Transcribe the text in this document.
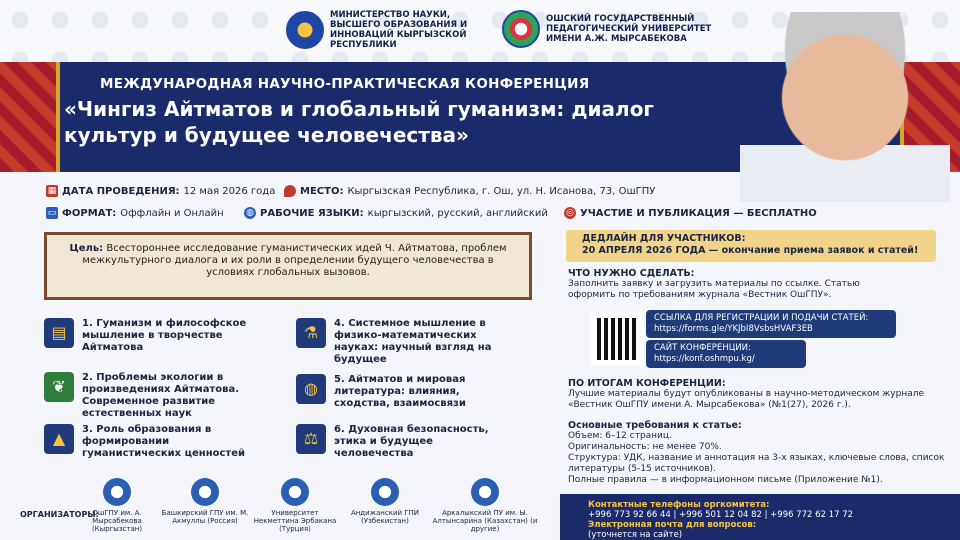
МИНИСТЕРСТВО НАУКИ, ВЫСШЕГО ОБРАЗОВАНИЯ И ИННОВАЦИЙ КЫРГЫЗСКОЙ РЕСПУБЛИКИ
ОШСКИЙ ГОСУДАРСТВЕННЫЙ ПЕДАГОГИЧЕСКИЙ УНИВЕРСИТЕТ ИМЕНИ А.Ж. МЫРСАБЕКОВА
МЕЖДУНАРОДНАЯ НАУЧНО-ПРАКТИЧЕСКАЯ КОНФЕРЕНЦИЯ
«Чингиз Айтматов и глобальный гуманизм: диалог культур и будущее человечества»
▦ ДАТА ПРОВЕДЕНИЯ: 12 мая 2026 года МЕСТО: Кыргызская Республика, г. Ош, ул. Н. Исанова, 73, ОшГПУ
▭ ФОРМАТ: Оффлайн и Онлайн ◍ РАБОЧИЕ ЯЗЫКИ: кыргызский, русский, английский ◎ УЧАСТИЕ И ПУБЛИКАЦИЯ — БЕСПЛАТНО
Цель: Всестороннее исследование гуманистических идей Ч. Айтматова, проблем межкультурного диалога и их роли в определении будущего человечества в условиях глобальных вызовов.
▤	1. Гуманизм и философское мышление в творчестве Айтматова
❦	2. Проблемы экологии в произведениях Айтматова. Современное развитие естественных наук
▲	3. Роль образования в формировании гуманистических ценностей
⚗	4. Системное мышление в физико-математических науках: научный взгляд на будущее
◍	5. Айтматов и мировая литература: влияния, сходства, взаимосвязи
⚖	6. Духовная безопасность, этика и будущее человечества
ОРГАНИЗАТОРЫ:
ОшГПУ им. А. Мырсабекова (Кыргызстан)
Башкирский ГПУ им. М. Акмуллы (Россия)
Университет Некметтина Эрбакана (Турция)
Андижанский ГПИ (Узбекистан)
Аркалыкский ПУ им. Ы. Алтынсарина (Казахстан) (и другие)
ДЕДЛАЙН ДЛЯ УЧАСТНИКОВ:
20 АПРЕЛЯ 2026 ГОДА — окончание приема заявок и статей!
ЧТО НУЖНО СДЕЛАТЬ:
Заполнить заявку и загрузить материалы по ссылке. Статью оформить по требованиям журнала «Вестник ОшГПУ».
ССЫЛКА ДЛЯ РЕГИСТРАЦИИ И ПОДАЧИ СТАТЕЙ:
https://forms.gle/YKJbI8VsbsHVAF3EB
САЙТ КОНФЕРЕНЦИИ:
https://konf.oshmpu.kg/
ПО ИТОГАМ КОНФЕРЕНЦИИ:
Лучшие материалы будут опубликованы в научно-методическом журнале «Вестник ОшГПУ имени А. Мырсабекова» (№1(27), 2026 г.).
Основные требования к статье:
Объем: 6–12 страниц.
Оригинальность: не менее 70%.
Структура: УДК, название и аннотация на 3-х языках, ключевые слова, список литературы (5-15 источников).
Полные правила — в информационном письме (Приложение №1).
Контактные телефоны оргкомитета:
+996 773 92 66 44 | +996 501 12 04 82 | +996 772 62 17 72
Электронная почта для вопросов:
(уточнется на сайте)
